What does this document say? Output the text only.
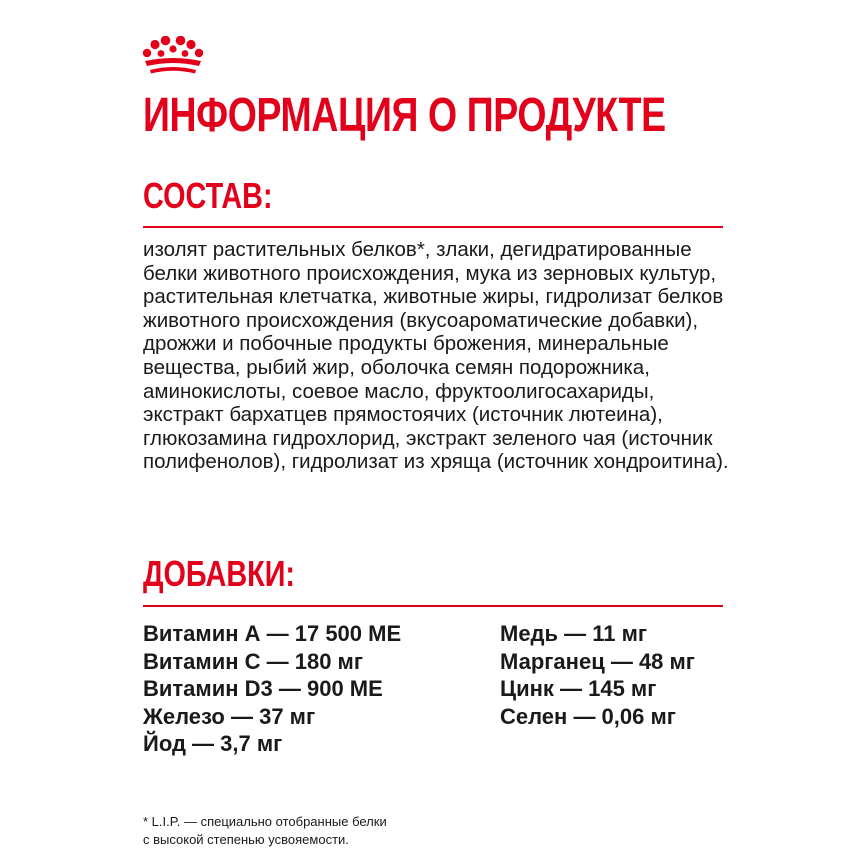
ИНФОРМАЦИЯ О ПРОДУКТЕ
СОСТАВ:

изолят растительных белков*, злаки, дегидратированные белки животного происхождения, мука из зерновых культур, растительная клетчатка, животные жиры, гидролизат белков животного происхождения (вкусоароматические добавки), дрожжи и побочные продукты брожения, минеральные вещества, рыбий жир, оболочка семян подорожника, аминокислоты, соевое масло, фруктоолигосахариды, экстракт бархатцев прямостоячих (источник лютеина), глюкозамина гидрохлорид, экстракт зеленого чая (источник полифенолов), гидролизат из хряща (источник хондроитина).

ДОБАВКИ:
Витамин А — 17 500 МЕ
Витамин С — 180 мг
Витамин D3 — 900 МЕ
Железо — 37 мг
Йод — 3,7 мг
Медь — 11 мг
Марганец — 48 мг
Цинк — 145 мг
Селен — 0,06 мг

* L.I.P. — специально отобранные белки
с высокой степенью усвояемости.
